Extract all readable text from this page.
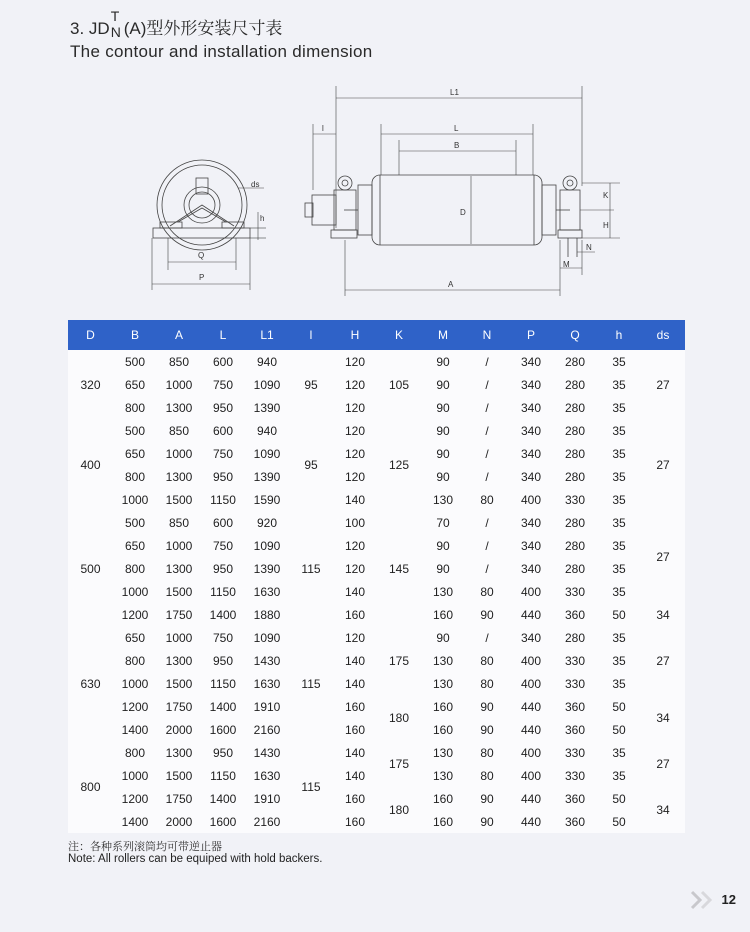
3. JD
T
N (A)型外形安装尺寸表
The contour and installation dimension
ds
h
Q
P
L1
L
B
D
A
l
K
H
N
M
D	B	A	L	L1	l	H	K	M	N	P	Q	h	ds
320	500	850	600	940	95	120	105	90	/	340	280	35	27
	650	1000	750	1090		120		90	/	340	280	35	
	800	1300	950	1390		120		90	/	340	280	35	
400	500	850	600	940	95	120	125	90	/	340	280	35	27
	650	1000	750	1090		120		90	/	340	280	35	
	800	1300	950	1390		120		90	/	340	280	35	
	1000	1500	1150	1590		140		130	80	400	330	35	
500	500	850	600	920	115	100	145	70	/	340	280	35	27
	650	1000	750	1090		120		90	/	340	280	35	
	800	1300	950	1390		120		90	/	340	280	35	
	1000	1500	1150	1630		140		130	80	400	330	35	
	1200	1750	1400	1880		160		160	90	440	360	50	34
630	650	1000	750	1090	115	120	175	90	/	340	280	35	27
	800	1300	950	1430		140		130	80	400	330	35	
	1000	1500	1150	1630		140		130	80	400	330	35	
	1200	1750	1400	1910		160	180	160	90	440	360	50	34
	1400	2000	1600	2160		160		160	90	440	360	50	
800	800	1300	950	1430	115	140	175	130	80	400	330	35	27
	1000	1500	1150	1630		140		130	80	400	330	35	
	1200	1750	1400	1910		160	180	160	90	440	360	50	34
	1400	2000	1600	2160		160		160	90	440	360	50	
注：各种系列滚筒均可带逆止器
Note: All rollers can be equiped with hold backers.
12
